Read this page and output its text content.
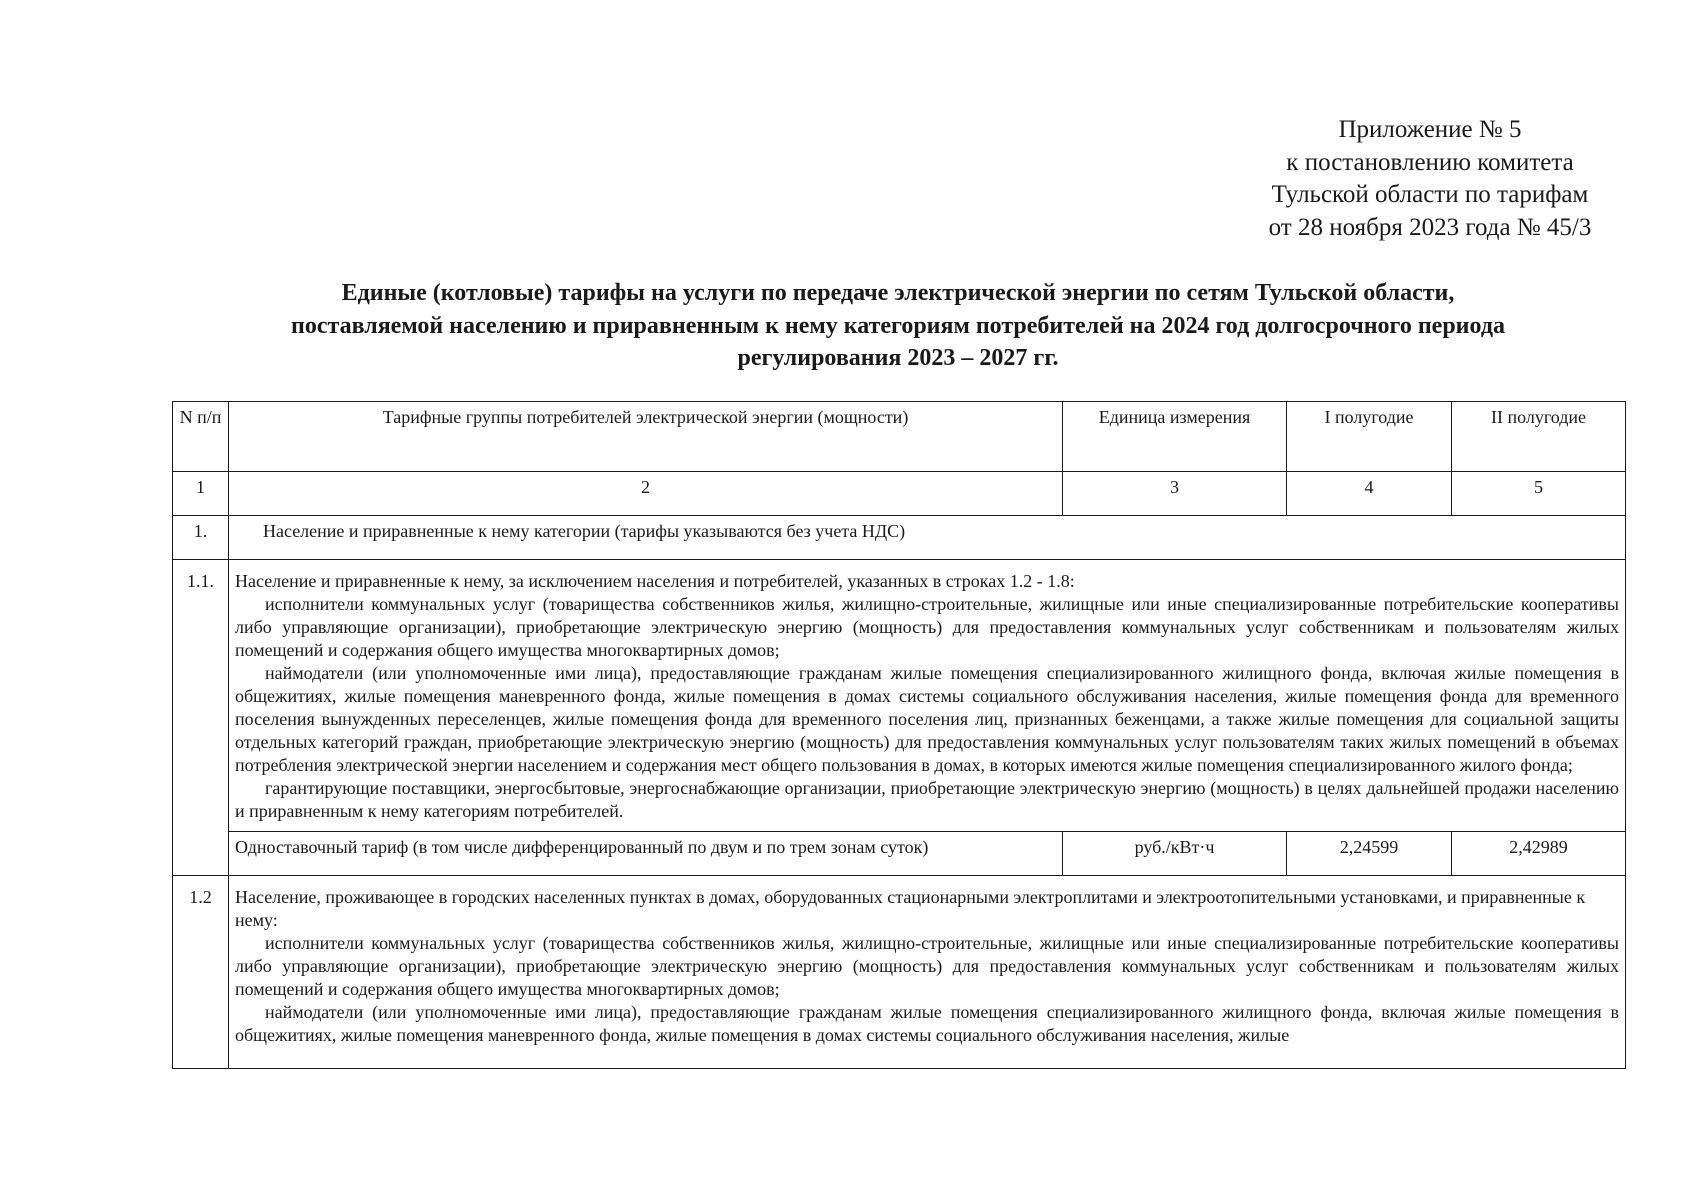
Приложение № 5
к постановлению комитета
Тульской области по тарифам
от 28 ноября 2023 года № 45/3
Единые (котловые) тарифы на услуги по передаче электрической энергии по сетям Тульской области,
поставляемой населению и приравненным к нему категориям потребителей на 2024 год долгосрочного периода
регулирования 2023 – 2027 гг.
N п/п	Тарифные группы потребителей электрической энергии (мощности)	Единица измерения	I полугодие	II полугодие
1	2	3	4	5
1.	Население и приравненные к нему категории (тарифы указываются без учета НДС)			
1.1.	Население и приравненные к нему, за исключением населения и потребителей, указанных в строках 1.2 - 1.8:

исполнители коммунальных услуг (товарищества собственников жилья, жилищно-строительные, жилищные или иные специализированные потребительские кооперативы либо управляющие организации), приобретающие электрическую энергию (мощность) для предоставления коммунальных услуг собственникам и пользователям жилых помещений и содержания общего имущества многоквартирных домов;

наймодатели (или уполномоченные ими лица), предоставляющие гражданам жилые помещения специализированного жилищного фонда, включая жилые помещения в общежитиях, жилые помещения маневренного фонда, жилые помещения в домах системы социального обслуживания населения, жилые помещения фонда для временного поселения вынужденных переселенцев, жилые помещения фонда для временного поселения лиц, признанных беженцами, а также жилые помещения для социальной защиты отдельных категорий граждан, приобретающие электрическую энергию (мощность) для предоставления коммунальных услуг пользователям таких жилых помещений в объемах потребления электрической энергии населением и содержания мест общего пользования в домах, в которых имеются жилые помещения специализированного жилого фонда;

гарантирующие поставщики, энергосбытовые, энергоснабжающие организации, приобретающие электрическую энергию (мощность) в целях дальнейшей продажи населению и приравненным к нему категориям потребителей.			

	Одноставочный тариф (в том числе дифференцированный по двум и по трем зонам суток)	руб./кВт·ч	2,24599	2,42989
1.2	Население, проживающее в городских населенных пунктах в домах, оборудованных стационарными электроплитами и электроотопительными установками, и приравненные к нему:

исполнители коммунальных услуг (товарищества собственников жилья, жилищно-строительные, жилищные или иные специализированные потребительские кооперативы либо управляющие организации), приобретающие электрическую энергию (мощность) для предоставления коммунальных услуг собственникам и пользователям жилых помещений и содержания общего имущества многоквартирных домов;

наймодатели (или уполномоченные ими лица), предоставляющие гражданам жилые помещения специализированного жилищного фонда, включая жилые помещения в общежитиях, жилые помещения маневренного фонда, жилые помещения в домах системы социального обслуживания населения, жилые			
